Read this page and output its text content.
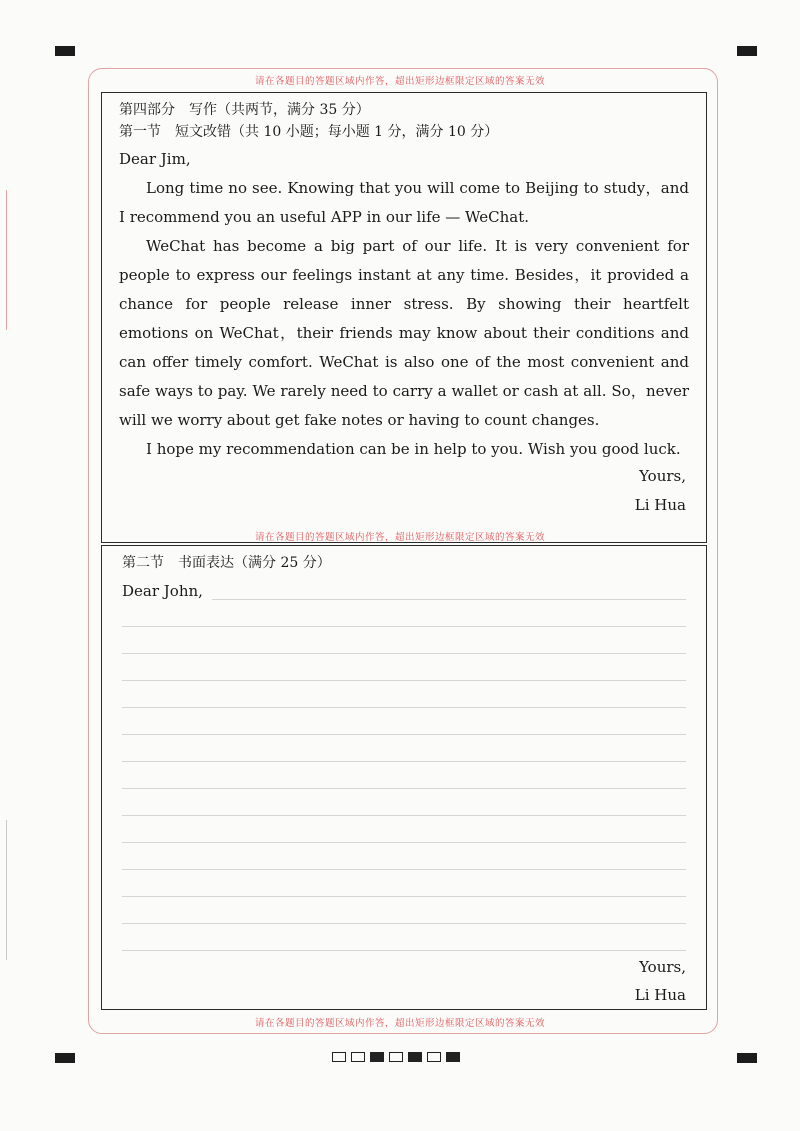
请在各题目的答题区域内作答，超出矩形边框限定区域的答案无效
请在各题目的答题区域内作答，超出矩形边框限定区域的答案无效
请在各题目的答题区域内作答，超出矩形边框限定区域的答案无效

第四部分　写作（共两节，满分 35 分）

第一节　短文改错（共 10 小题；每小题 1 分，满分 10 分）

Dear Jim,

Long time no see. Knowing that you will come to Beijing to study，and I recommend you an useful APP in our life — WeChat.

WeChat has become a big part of our life. It is very convenient for people to express our feelings instant at any time. Besides，it provided a chance for people release inner stress. By showing their heartfelt emotions on WeChat，their friends may know about their conditions and can offer timely comfort. WeChat is also one of the most convenient and safe ways to pay. We rarely need to carry a wallet or cash at all. So，never will we worry about get fake notes or having to count changes.

I hope my recommendation can be in help to you. Wish you good luck.

Yours,
Li Hua
第二节　书面表达（满分 25 分）
Dear John,
Yours,
Li Hua
